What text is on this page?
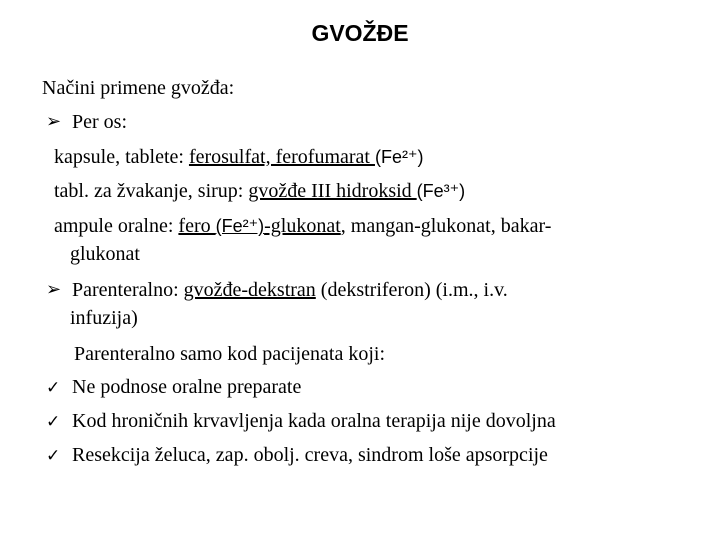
GVOŽĐE
Načini primene gvožđa:
➢ Per os:
kapsule, tablete: ferosulfat, ferofumarat (Fe²⁺)
tabl. za žvakanje, sirup: gvožđe III hidroksid (Fe³⁺)
ampule oralne: fero (Fe²⁺)-glukonat, mangan-glukonat, bakar-
glukonat
➢ Parenteralno: gvožđe-dekstran (dekstriferon) (i.m., i.v.
infuzija)
Parenteralno samo kod pacijenata koji:
✓ Ne podnose oralne preparate
✓ Kod hroničnih krvavljenja kada oralna terapija nije dovoljna
✓ Resekcija želuca, zap. obolj. creva, sindrom loše apsorpcije
